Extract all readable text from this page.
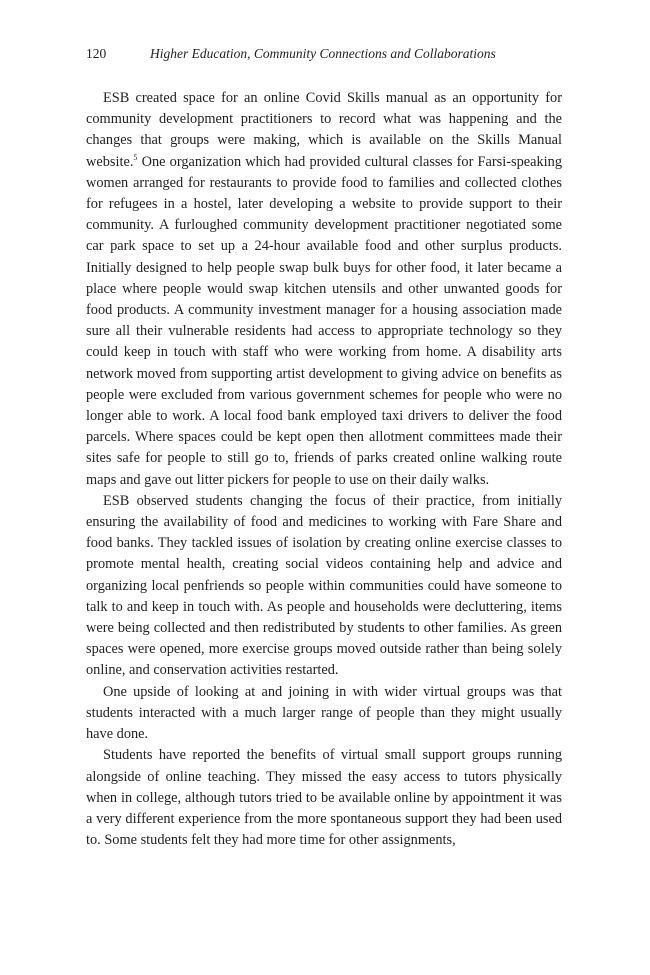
120	Higher Education, Community Connections and Collaborations

ESB created space for an online Covid Skills manual as an opportunity for community development practitioners to record what was happening and the changes that groups were making, which is available on the Skills Manual website.$^5$ One organization which had provided cultural classes for Farsi-speaking women arranged for restaurants to provide food to families and collected clothes for refugees in a hostel, later developing a website to provide support to their community. A furloughed community development practitioner negotiated some car park space to set up a 24-hour available food and other surplus products. Initially designed to help people swap bulk buys for other food, it later became a place where people would swap kitchen utensils and other unwanted goods for food products. A community investment manager for a housing association made sure all their vulnerable residents had access to appropriate technology so they could keep in touch with staff who were working from home. A disability arts network moved from supporting artist development to giving advice on benefits as people were excluded from various government schemes for people who were no longer able to work. A local food bank employed taxi drivers to deliver the food parcels. Where spaces could be kept open then allotment committees made their sites safe for people to still go to, friends of parks created online walking route maps and gave out litter pickers for people to use on their daily walks.

ESB observed students changing the focus of their practice, from initially ensuring the availability of food and medicines to working with Fare Share and food banks. They tackled issues of isolation by creating online exercise classes to promote mental health, creating social videos containing help and advice and organizing local penfriends so people within communities could have someone to talk to and keep in touch with. As people and households were decluttering, items were being collected and then redistributed by students to other families. As green spaces were opened, more exercise groups moved outside rather than being solely online, and conservation activities restarted.

One upside of looking at and joining in with wider virtual groups was that students interacted with a much larger range of people than they might usually have done.

Students have reported the benefits of virtual small support groups running alongside of online teaching. They missed the easy access to tutors physically when in college, although tutors tried to be available online by appointment it was a very different experience from the more spontaneous support they had been used to. Some students felt they had more time for other assignments,
